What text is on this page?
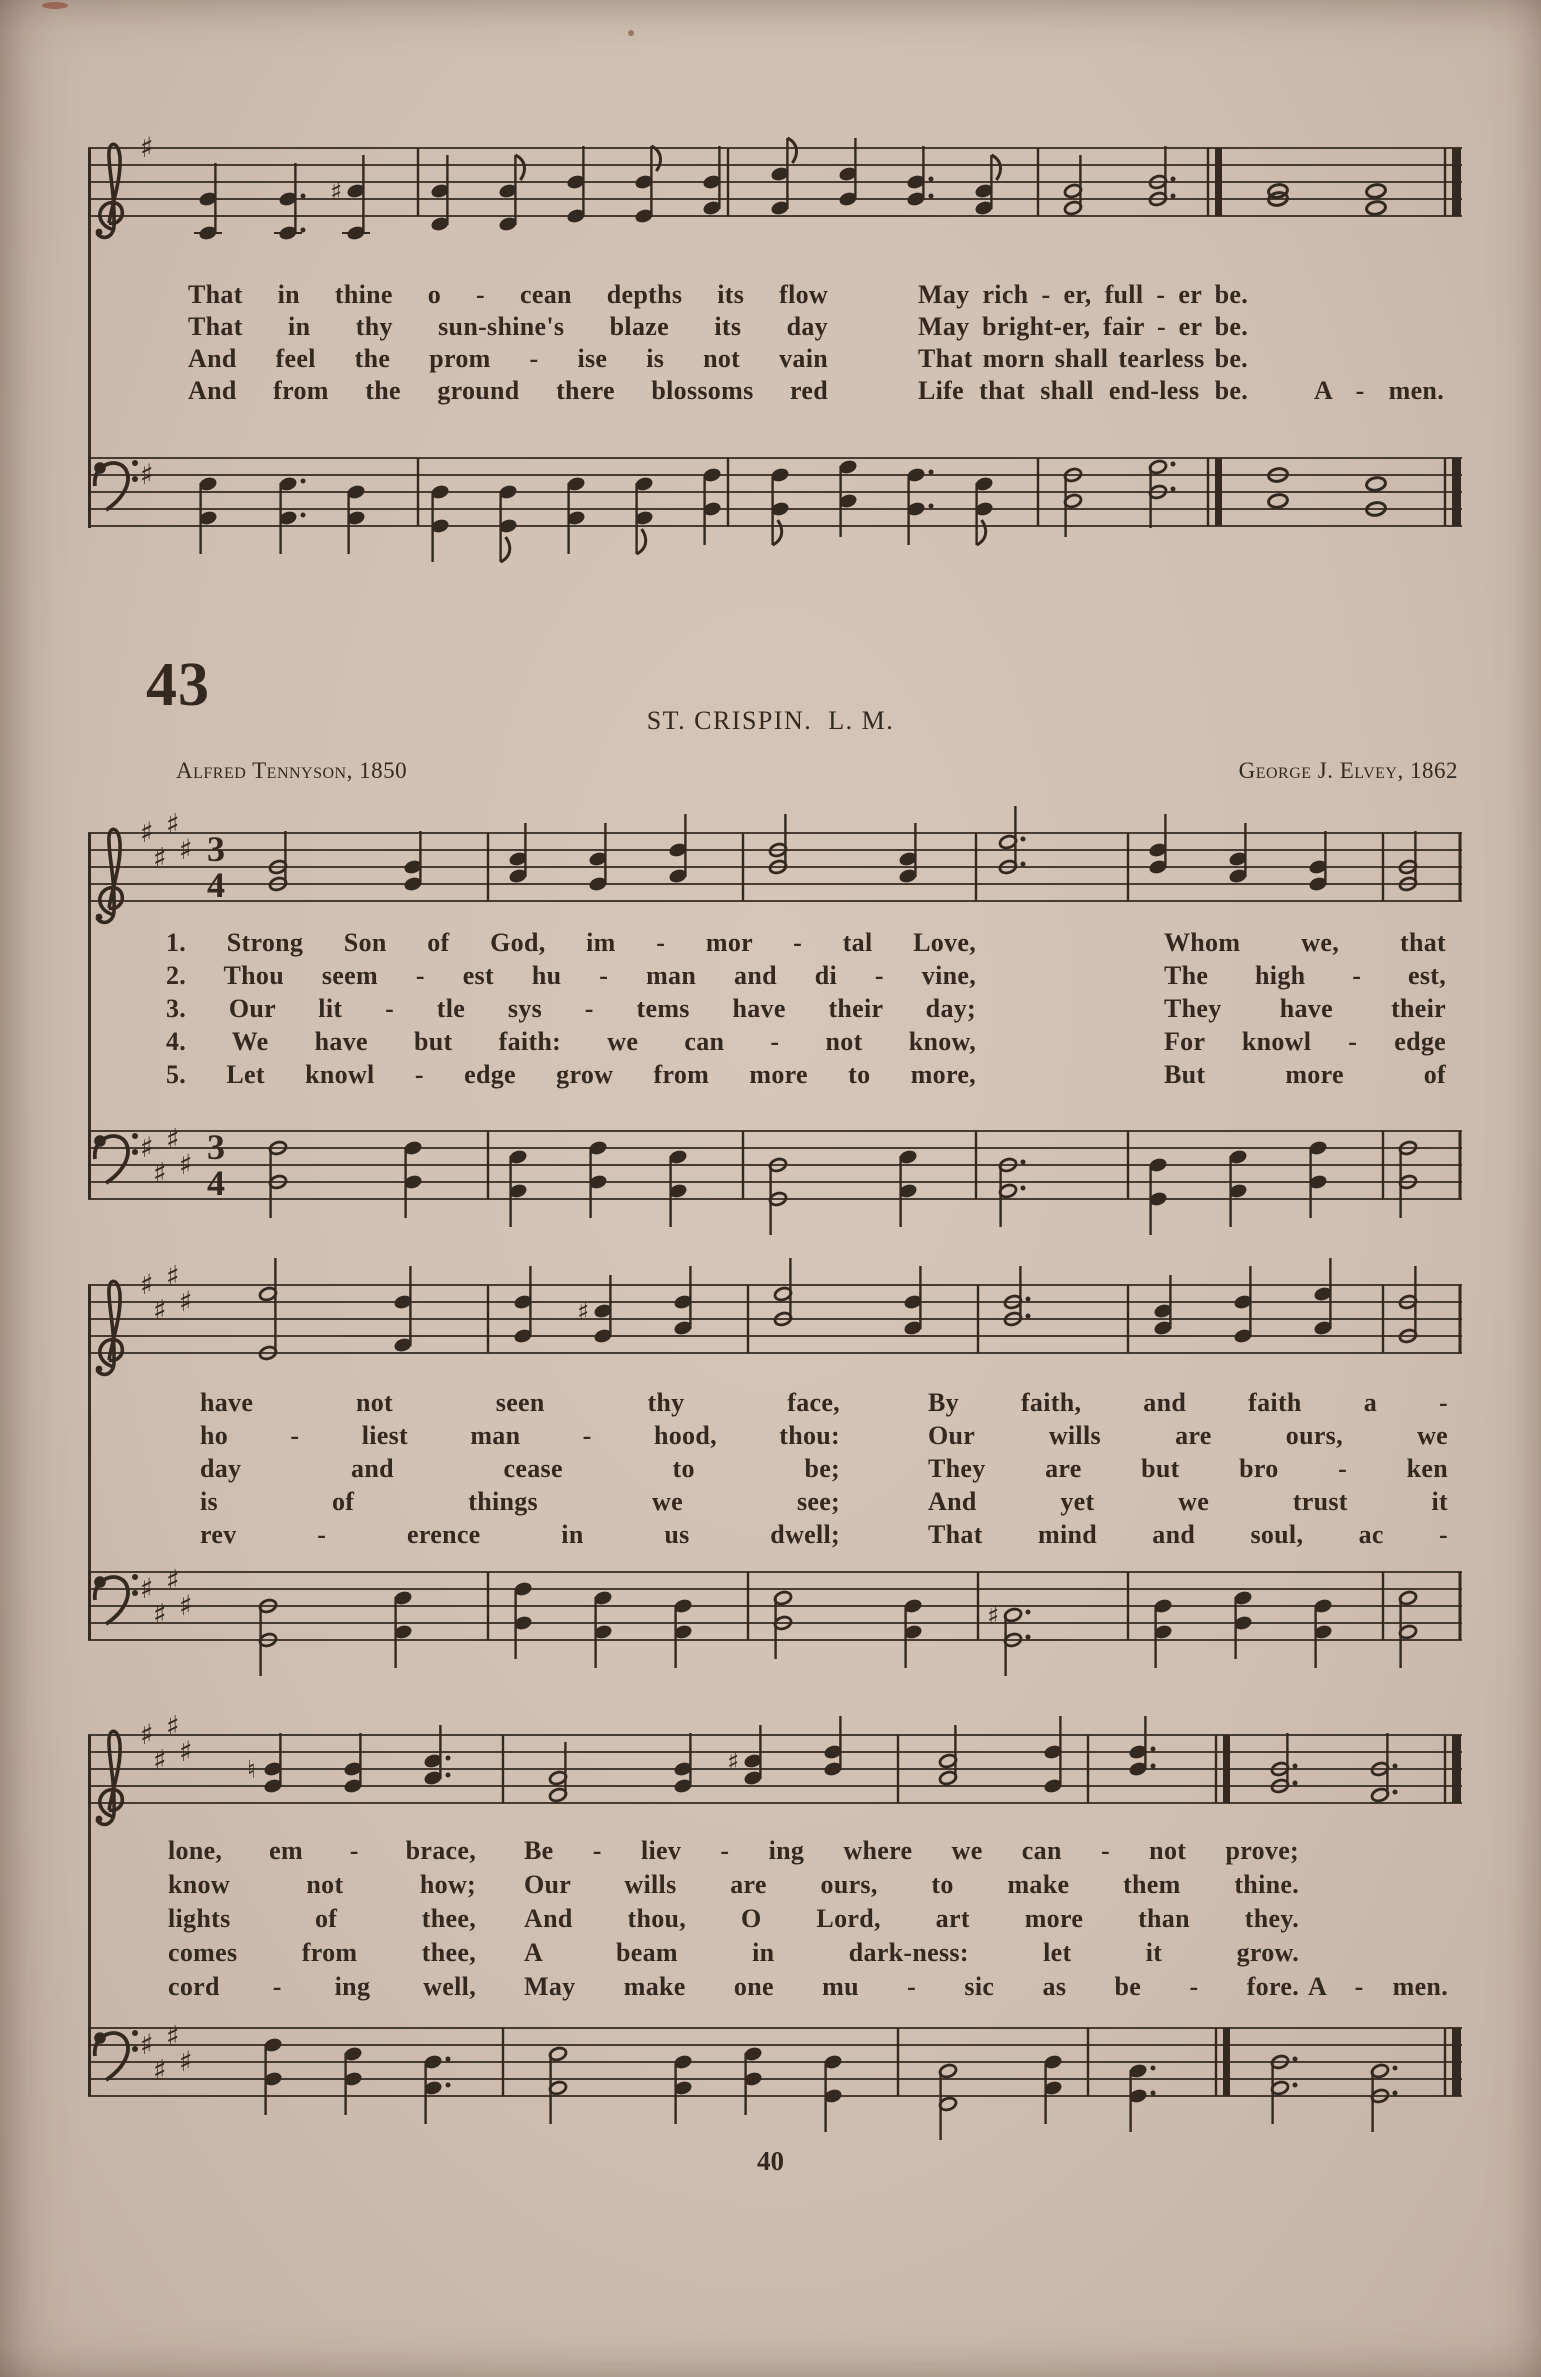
♯
♯
That in thine o - cean depths its flow	May rich - er, full - er be.
That in thy sun-shine's blaze its day	May bright-er, fair - er be.
And feel the prom - ise is not vain	That morn shall tearless be.
And from the ground there blossoms red	Life that shall end-less be.	A - men.
♯
43
ST. CRISPIN. L. M.
Alfred Tennyson, 1850	George J. Elvey, 1862
♯
♯
♯
♯ 3
4
1. Strong Son of God, im - mor - tal Love,	Whom we, that
2. Thou seem - est hu - man and di - vine,	The high - est,
3. Our lit - tle sys - tems have their day;	They have their
4. We have but faith: we can - not know,	For knowl - edge
5. Let knowl - edge grow from more to more,	But more of
♯
♯
♯
♯ 3
4
♯
♯
♯
♯	♯
have not seen thy face,	By faith, and faith a -
ho - liest man - hood, thou:	Our wills are ours, we
day and cease to be;	They are but bro - ken
is of things we see;	And yet we trust it
rev - erence in us dwell;	That mind and soul, ac -
♯
♯
♯
♯	♯
♯
♯
♯
♯
♮	♯
lone, em - brace, Be - liev - ing where we can - not prove;
know not how; Our wills are ours, to make them thine.
lights of thee, And thou, O Lord, art more than they.
comes from thee, A beam in dark-ness: let it grow.
cord - ing well, May make one mu - sic as be - fore. A - men.
♯
♯
♯
♯
40
